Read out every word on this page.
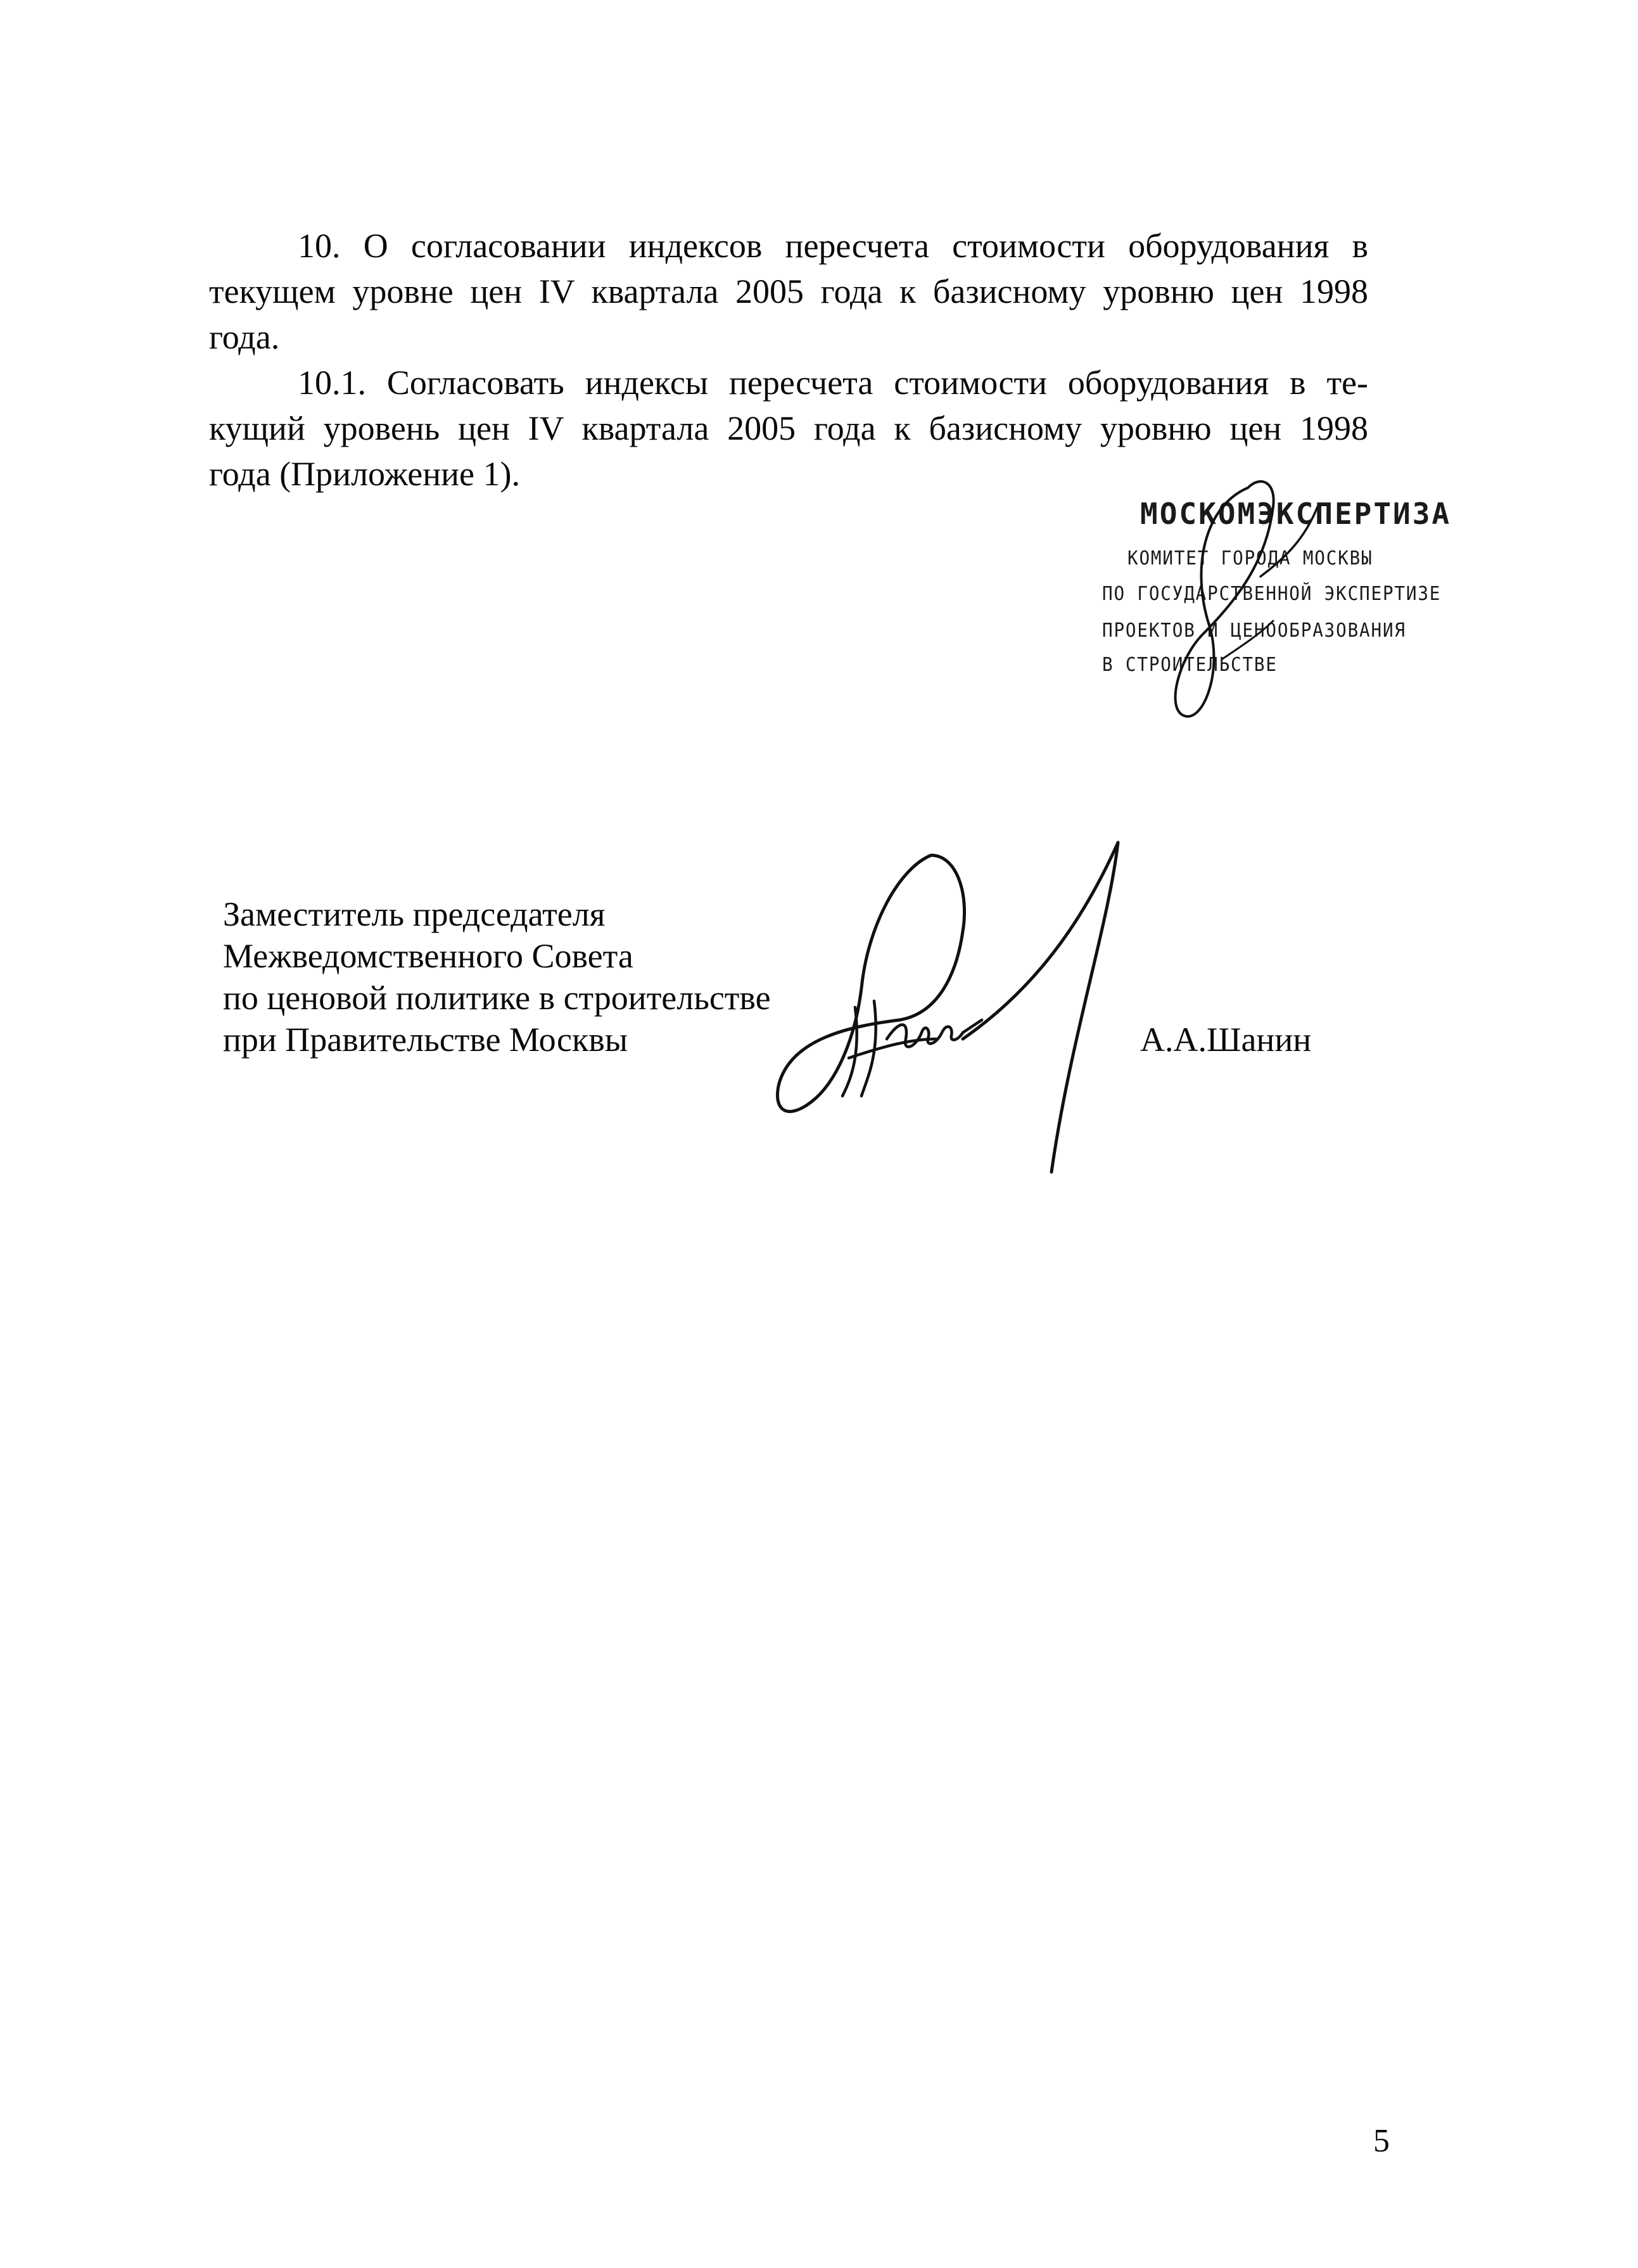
10. О согласовании индексов пересчета стоимости оборудования в
текущем уровне цен IV квартала 2005 года к базисному уровню цен 1998
года.
10.1. Согласовать индексы пересчета стоимости оборудования в те-
кущий уровень цен IV квартала 2005 года к базисному уровню цен 1998
года (Приложение 1).
МОСКОМЭКСПЕРТИЗА
КОМИТЕТ ГОРОДА МОСКВЫ
ПО ГОСУДАРСТВЕННОЙ ЭКСПЕРТИЗЕ
ПРОЕКТОВ И ЦЕНООБРАЗОВАНИЯ
В СТРОИТЕЛЬСТВЕ
Заместитель председателя
Межведомственного Совета
по ценовой политике в строительстве
при Правительстве Москвы	А.А.Шанин
5
